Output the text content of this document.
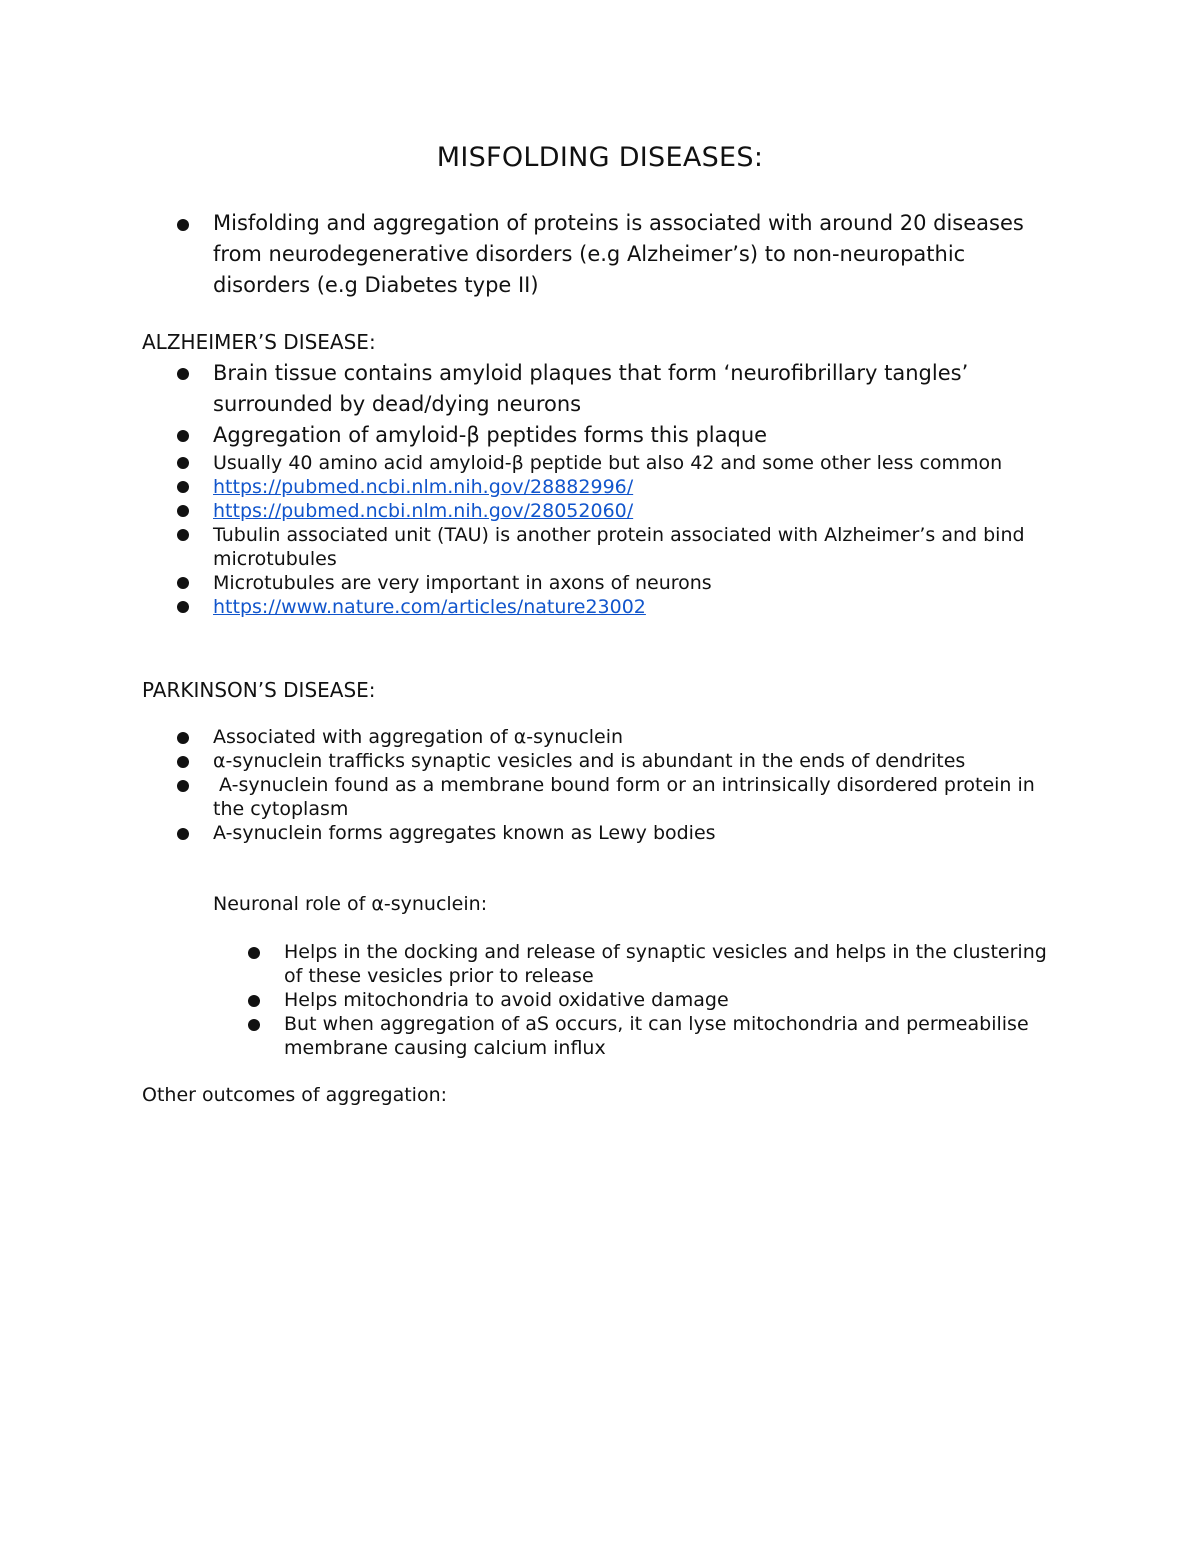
MISFOLDING DISEASES:
Misfolding and aggregation of proteins is associated with around 20 diseases from neurodegenerative disorders (e.g Alzheimer’s) to non-neuropathic disorders (e.g Diabetes type II)
ALZHEIMER’S DISEASE:
Brain tissue contains amyloid plaques that form ‘neurofibrillary tangles’ surrounded by dead/dying neurons
Aggregation of amyloid-β peptides forms this plaque
Usually 40 amino acid amyloid-β peptide but also 42 and some other less common
https://pubmed.ncbi.nlm.nih.gov/28882996/
https://pubmed.ncbi.nlm.nih.gov/28052060/
Tubulin associated unit (TAU) is another protein associated with Alzheimer’s and bind microtubules
Microtubules are very important in axons of neurons
https://www.nature.com/articles/nature23002
PARKINSON’S DISEASE:
Associated with aggregation of α-synuclein
α-synuclein trafficks synaptic vesicles and is abundant in the ends of dendrites
A-synuclein found as a membrane bound form or an intrinsically disordered protein in the cytoplasm
A-synuclein forms aggregates known as Lewy bodies
Neuronal role of α-synuclein:
Helps in the docking and release of synaptic vesicles and helps in the clustering of these vesicles prior to release
Helps mitochondria to avoid oxidative damage
But when aggregation of aS occurs, it can lyse mitochondria and permeabilise membrane causing calcium influx
Other outcomes of aggregation:
